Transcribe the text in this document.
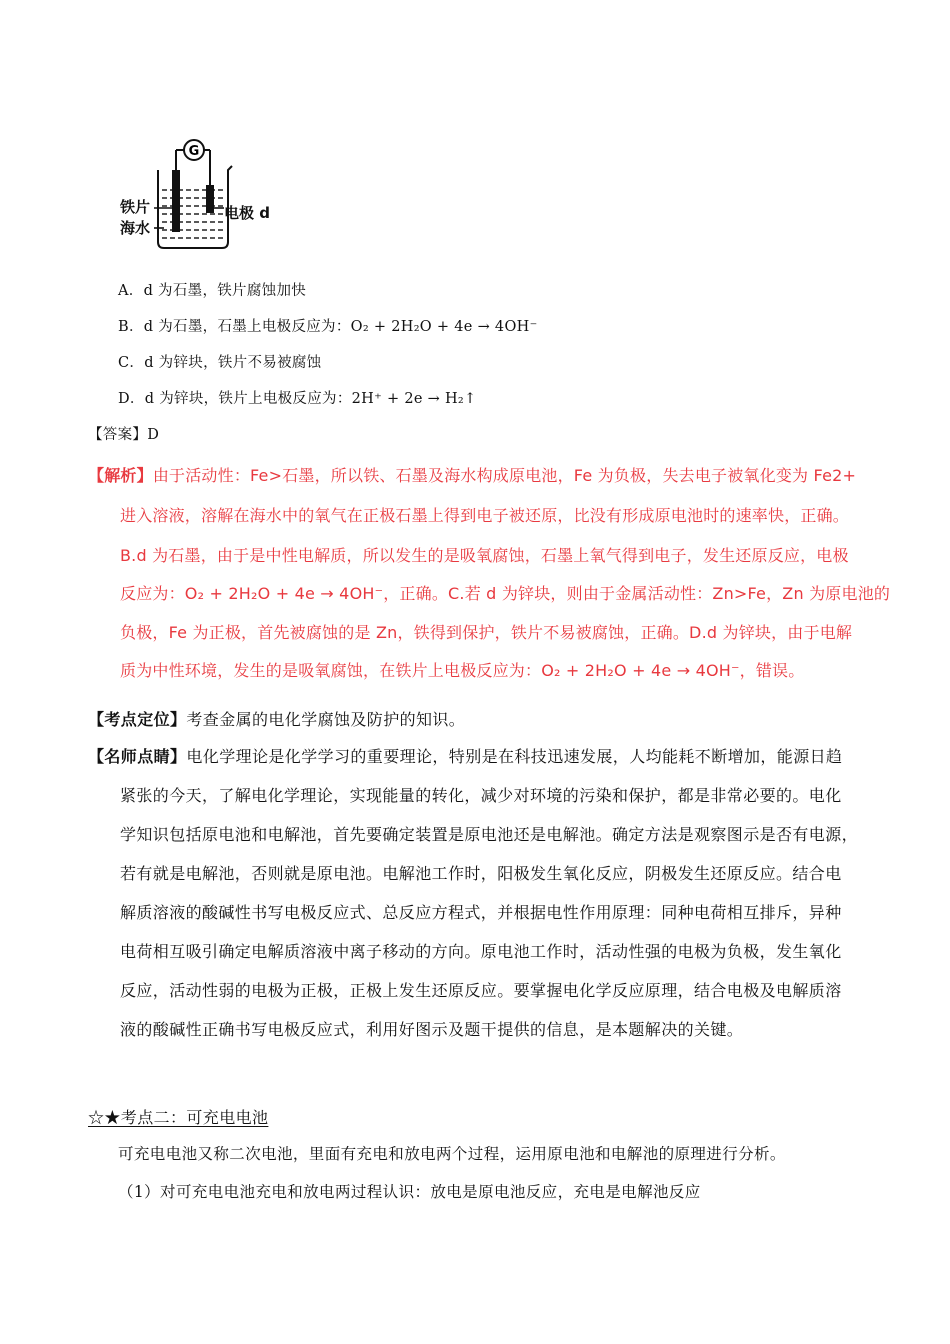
G
铁片
海水
电极 d
A．d 为石墨，铁片腐蚀加快
B．d 为石墨，石墨上电极反应为：O₂ + 2H₂O + 4e → 4OH⁻
C．d 为锌块，铁片不易被腐蚀
D．d 为锌块，铁片上电极反应为：2H⁺ + 2e → H₂↑
【答案】D
【解析】由于活动性：Fe>石墨，所以铁、石墨及海水构成原电池，Fe 为负极，失去电子被氧化变为 Fe2+
进入溶液，溶解在海水中的氧气在正极石墨上得到电子被还原，比没有形成原电池时的速率快，正确。
B.d 为石墨，由于是中性电解质，所以发生的是吸氧腐蚀，石墨上氧气得到电子，发生还原反应，电极
反应为：O₂ + 2H₂O + 4e → 4OH⁻，正确。C.若 d 为锌块，则由于金属活动性：Zn>Fe，Zn 为原电池的
负极，Fe 为正极，首先被腐蚀的是 Zn，铁得到保护，铁片不易被腐蚀，正确。D.d 为锌块，由于电解
质为中性环境，发生的是吸氧腐蚀，在铁片上电极反应为：O₂ + 2H₂O + 4e → 4OH⁻，错误。
【考点定位】考查金属的电化学腐蚀及防护的知识。
【名师点睛】电化学理论是化学学习的重要理论，特别是在科技迅速发展，人均能耗不断增加，能源日趋
紧张的今天，了解电化学理论，实现能量的转化，减少对环境的污染和保护，都是非常必要的。电化
学知识包括原电池和电解池，首先要确定装置是原电池还是电解池。确定方法是观察图示是否有电源，
若有就是电解池，否则就是原电池。电解池工作时，阳极发生氧化反应，阴极发生还原反应。结合电
解质溶液的酸碱性书写电极反应式、总反应方程式，并根据电性作用原理：同种电荷相互排斥，异种
电荷相互吸引确定电解质溶液中离子移动的方向。原电池工作时，活动性强的电极为负极，发生氧化
反应，活动性弱的电极为正极，正极上发生还原反应。要掌握电化学反应原理，结合电极及电解质溶
液的酸碱性正确书写电极反应式，利用好图示及题干提供的信息，是本题解决的关键。
☆★考点二：可充电电池
可充电电池又称二次电池，里面有充电和放电两个过程，运用原电池和电解池的原理进行分析。
（1）对可充电电池充电和放电两过程认识：放电是原电池反应，充电是电解池反应
